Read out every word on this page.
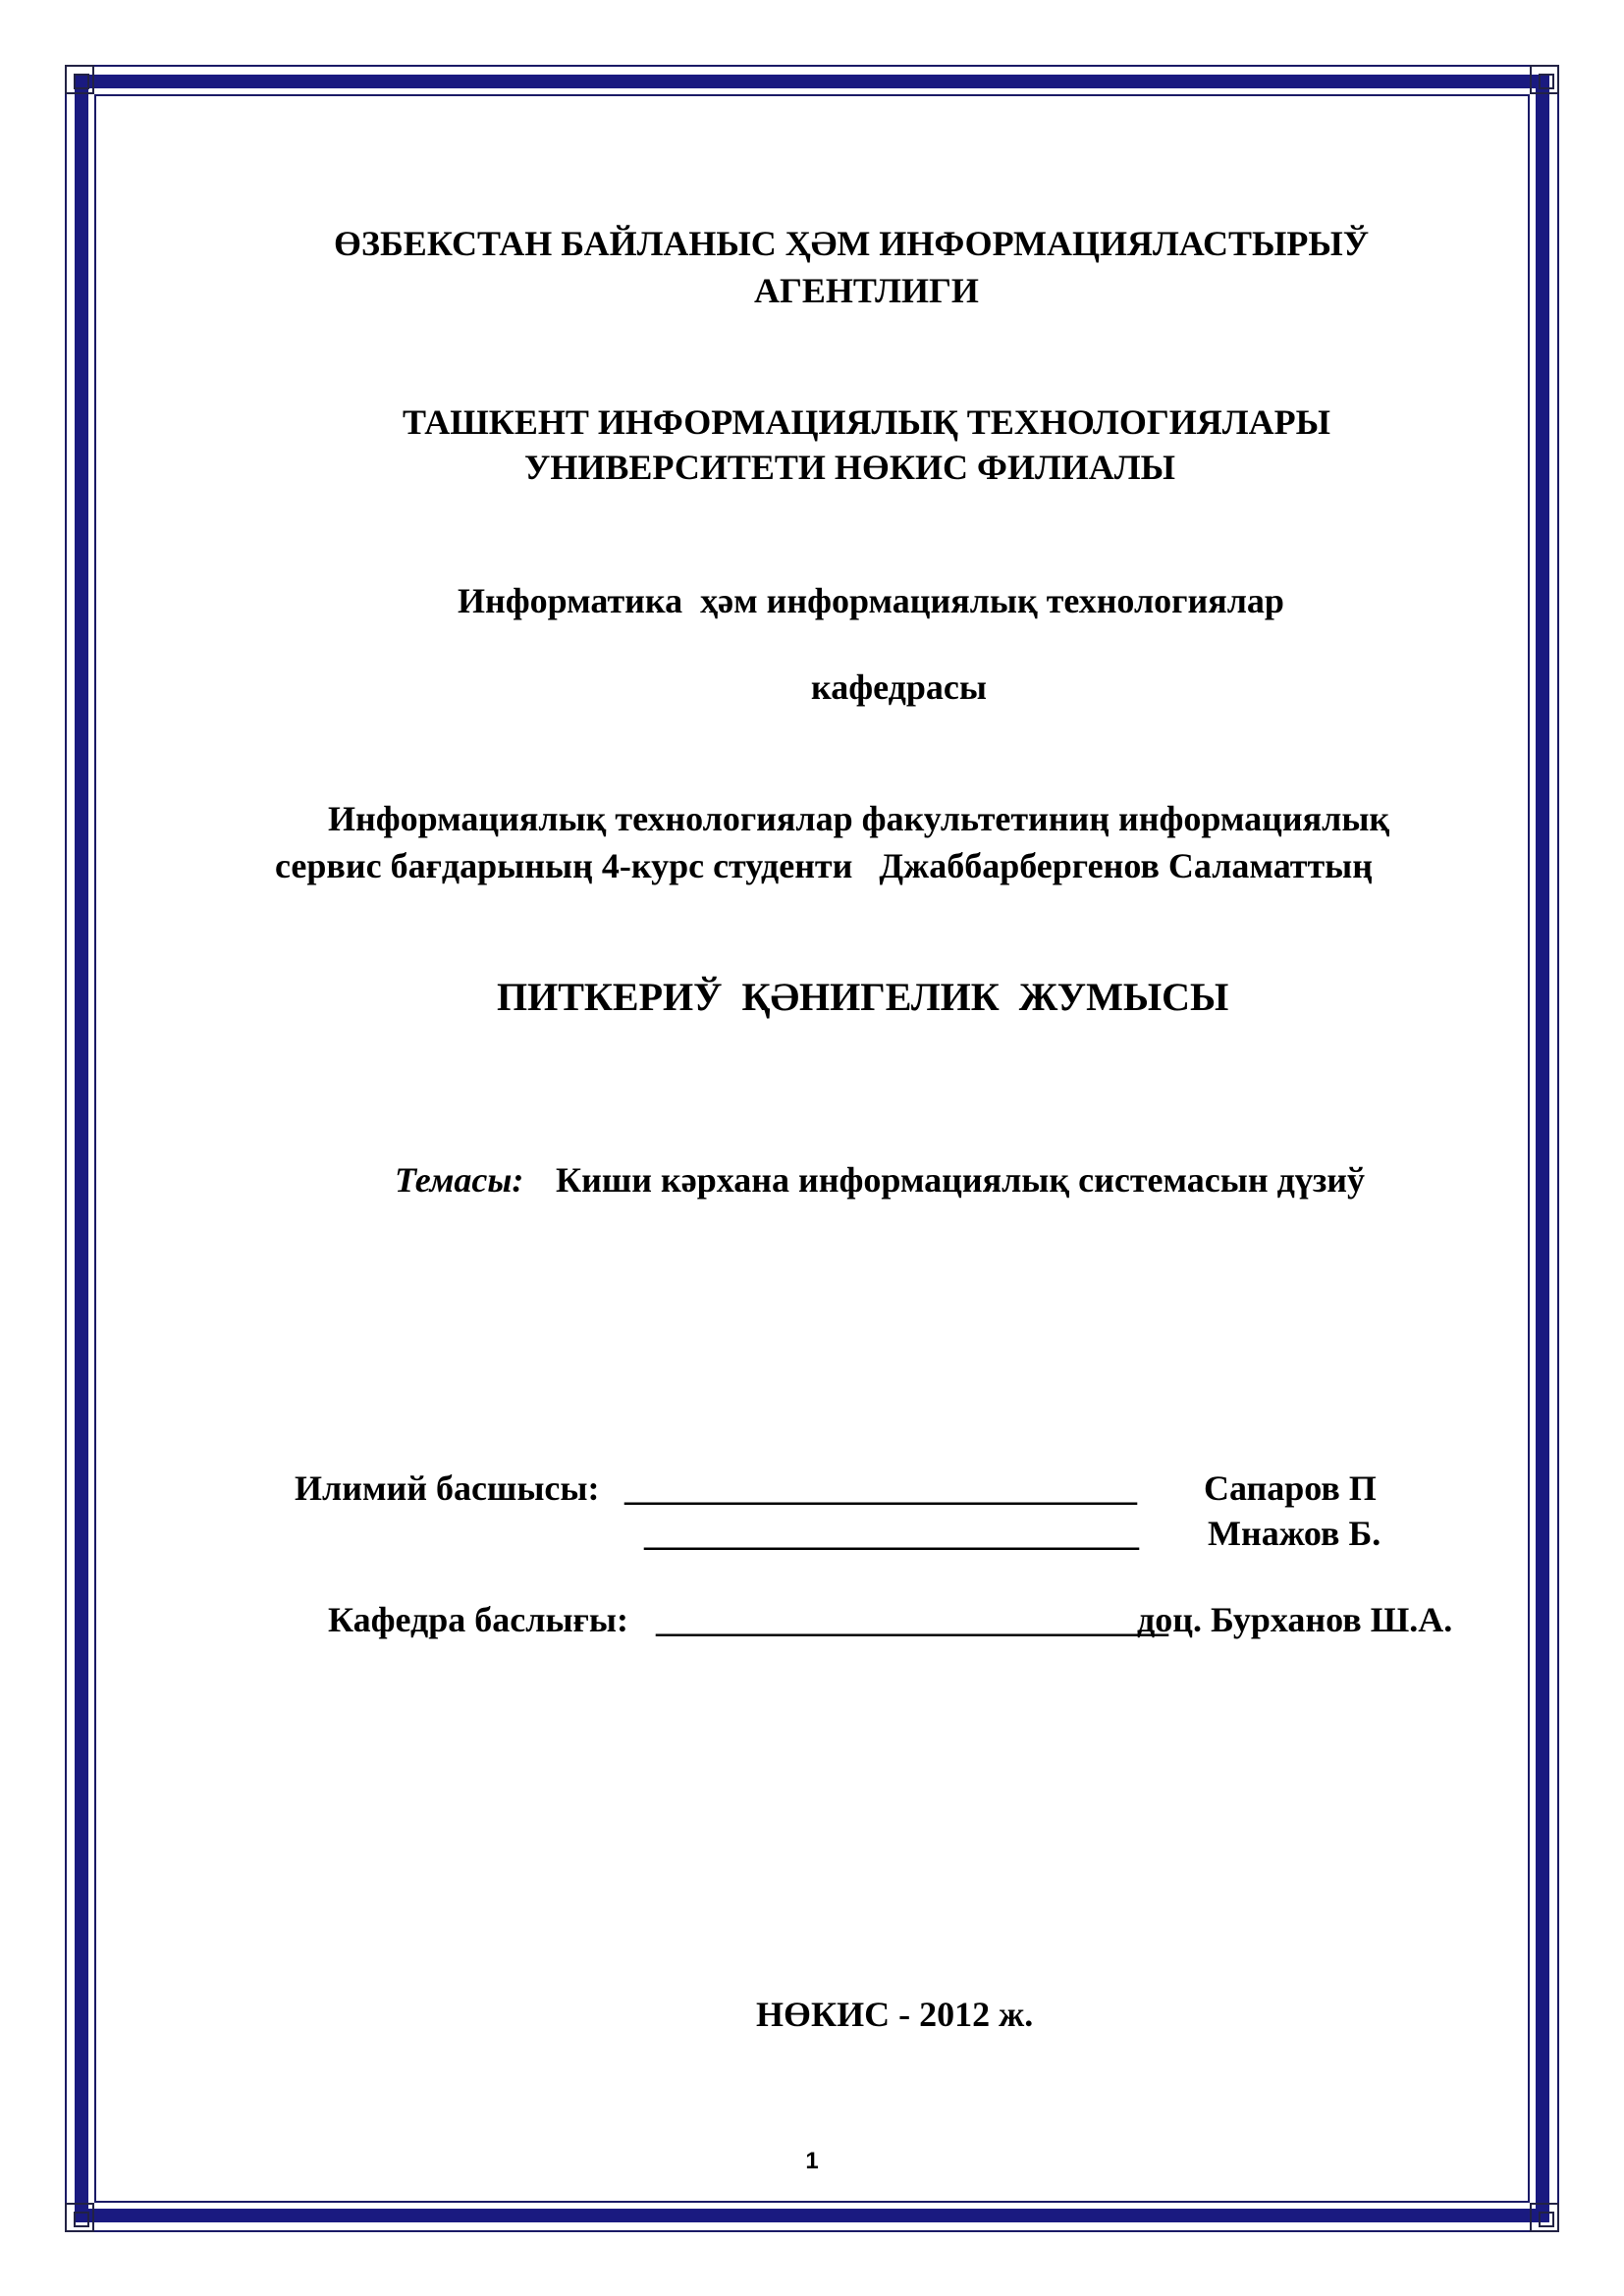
ӨЗБЕКСТАН БАЙЛАНЫС ҲӘМ ИНФОРМАЦИЯЛАСТЫРЫЎ
АГЕНТЛИГИ
ТАШКЕНТ ИНФОРМАЦИЯЛЫҚ ТЕХНОЛОГИЯЛАРЫ
УНИВЕРСИТЕТИ НӨКИС ФИЛИАЛЫ
Информатика  ҳәм информациялық технологиялар
кафедрасы
Информациялық технологиялар факультетиниң информациялық
сервис бағдарының 4-курс студенти   Джаббарбергенов Саламаттың
ПИТКЕРИЎ  ҚӘНИГЕЛИК  ЖУМЫСЫ
Темасы: Киши кәрхана информациялық системасын дүзиў
Илимий басшысы: _____________________________ Сапаров П
____________________________ Мнажов Б.
Кафедра баслығы: _____________________________
доц. Бурханов Ш.А.
НӨКИС - 2012 ж.
1
